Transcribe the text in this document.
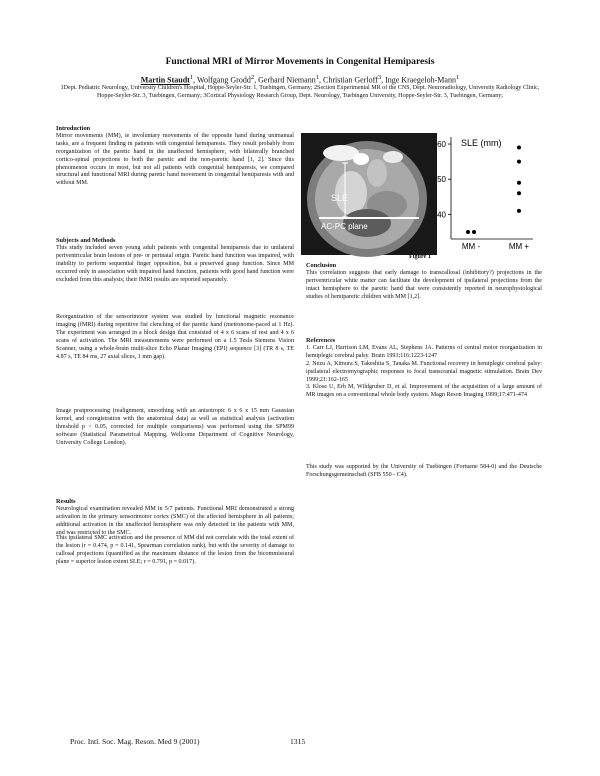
Functional MRI of Mirror Movements in Congenital Hemiparesis
Martin Staudt$^1$, Wolfgang Grodd$^2$, Gerhard Niemann$^1$, Christian Gerloff$^3$, Inge Kraegeloh-Mann$^1$
1Dept. Pediatric Neurology, University Children's Hospital, Hoppe-Seyler-Str. 1, Tuebingen, Germany; 2Section Experimental MR of the CNS, Dept. Neuroradiology, University Radiology Clinic, Hoppe-Seyler-Str. 3, Tuebingen, Germany; 3Cortical Physiology Research Group, Dept. Neurology, Tuebingen University, Hoppe-Seyler-Str. 3, Tuebingen, Germany;
Introduction

Mirror movements (MM), ie involuntary movements of the opposite hand during unimanual tasks, are a frequent finding in patients with congenital hemiparesis. They result probably from reorganization of the paretic hand in the unaffected hemisphere, with bilaterally branched cortico-spinal projections to both the paretic and the non-paretic hand [1, 2]. Since this phenomenon occurs in most, but not all patients with congenital hemiparesis, we compared structural and functional MRI during paretic hand movement in congenital hemiparesis with and without MM.

Subjects and Methods

This study included seven young adult patients with congenital hemiparesis due to unilateral periventricular brain lesions of pre- or perinatal origin. Paretic hand function was impaired, with inability to perform sequential finger opposition, but a preserved grasp function. Since MM occurred only in association with impaired hand function, patients with good hand function were excluded from this analysis; their fMRI results are reported separately.

Reorganization of the sensorimotor system was studied by functional magnetic resonance imaging (fMRI) during repetitive fist clenching of the paretic hand (metronome-paced at 1 Hz). The experiment was arranged in a block design that consisted of 4 x 6 scans of rest and 4 x 6 scans of activation. The MRI measurements were performed on a 1.5 Tesla Siemens Vision Scanner, using a whole-brain multi-slice Echo Planar Imaging (EPI) sequence [3] (TR 8 s, TE 4.87 s, TE 84 ms, 27 axial slices, 1 mm gap).

Image postprocessing (realignment, smoothing with an anisotropic 6 x 6 x 15 mm Gaussian kernel, and coregistration with the anatomical data) as well as statistical analysis (activation threshold p < 0.05, corrected for multiple comparisons) was performed using the SPM99 software (Statistical Parametrical Mapping, Wellcome Department of Cognitive Neurology, University College London).

Results

Neurological examination revealed MM in 5/7 patients. Functional MRI demonstrated a strong activation in the primary sensorimotor cortex (SMC) of the affected hemisphere in all patients; additional activation in the unaffected hemisphere was only detected in the patients with MM, and was restricted to the SMC.

This ipsilateral SMC activation and the presence of MM did not correlate with the total extent of the lesion (r = 0.474, p = 0.141, Spearman correlation rank), but with the severity of damage to callosal projections (quantified as the maximum distance of the lesion from the bicommissural plane = superior lesion extent SLE; r = 0.791, p = 0.017).

SLE
AC-PC plane
SLE (mm)
40
50
60
MM -	MM +
Figure 1
Conclusion

This correlation suggests that early damage to transcallosal (inhibitory?) projections in the periventricular white matter can facilitate the development of ipsilateral projections from the intact hemisphere to the paretic hand that were consistently reported in neurophysiological studies of hemiparetic children with MM [1,2].

References

1. Carr LJ, Harrison LM, Evans AL, Stephens JA. Patterns of central motor reorganization in hemiplegic cerebral palsy. Brain 1993;116:1223-1247

2. Nezu A, Kimura S, Takeshita S, Tanaka M. Functional recovery in hemiplegic cerebral palsy: ipsilateral electromyographic responses to focal transcranial magnetic stimulation. Brain Dev 1999;21:162-165

3. Klose U, Erb M, Wildgruber D, et al. Improvement of the acquisition of a large amount of MR images on a conventional whole body system. Magn Reson Imaging 1999;17:471-474

This study was supported by the University of Tuebingen (Fortuene 584-0) and the Deutsche Forschungsgemeinschaft (SFB 550 - C4).

Proc. Intl. Soc. Mag. Reson. Med 9 (2001)	1315
